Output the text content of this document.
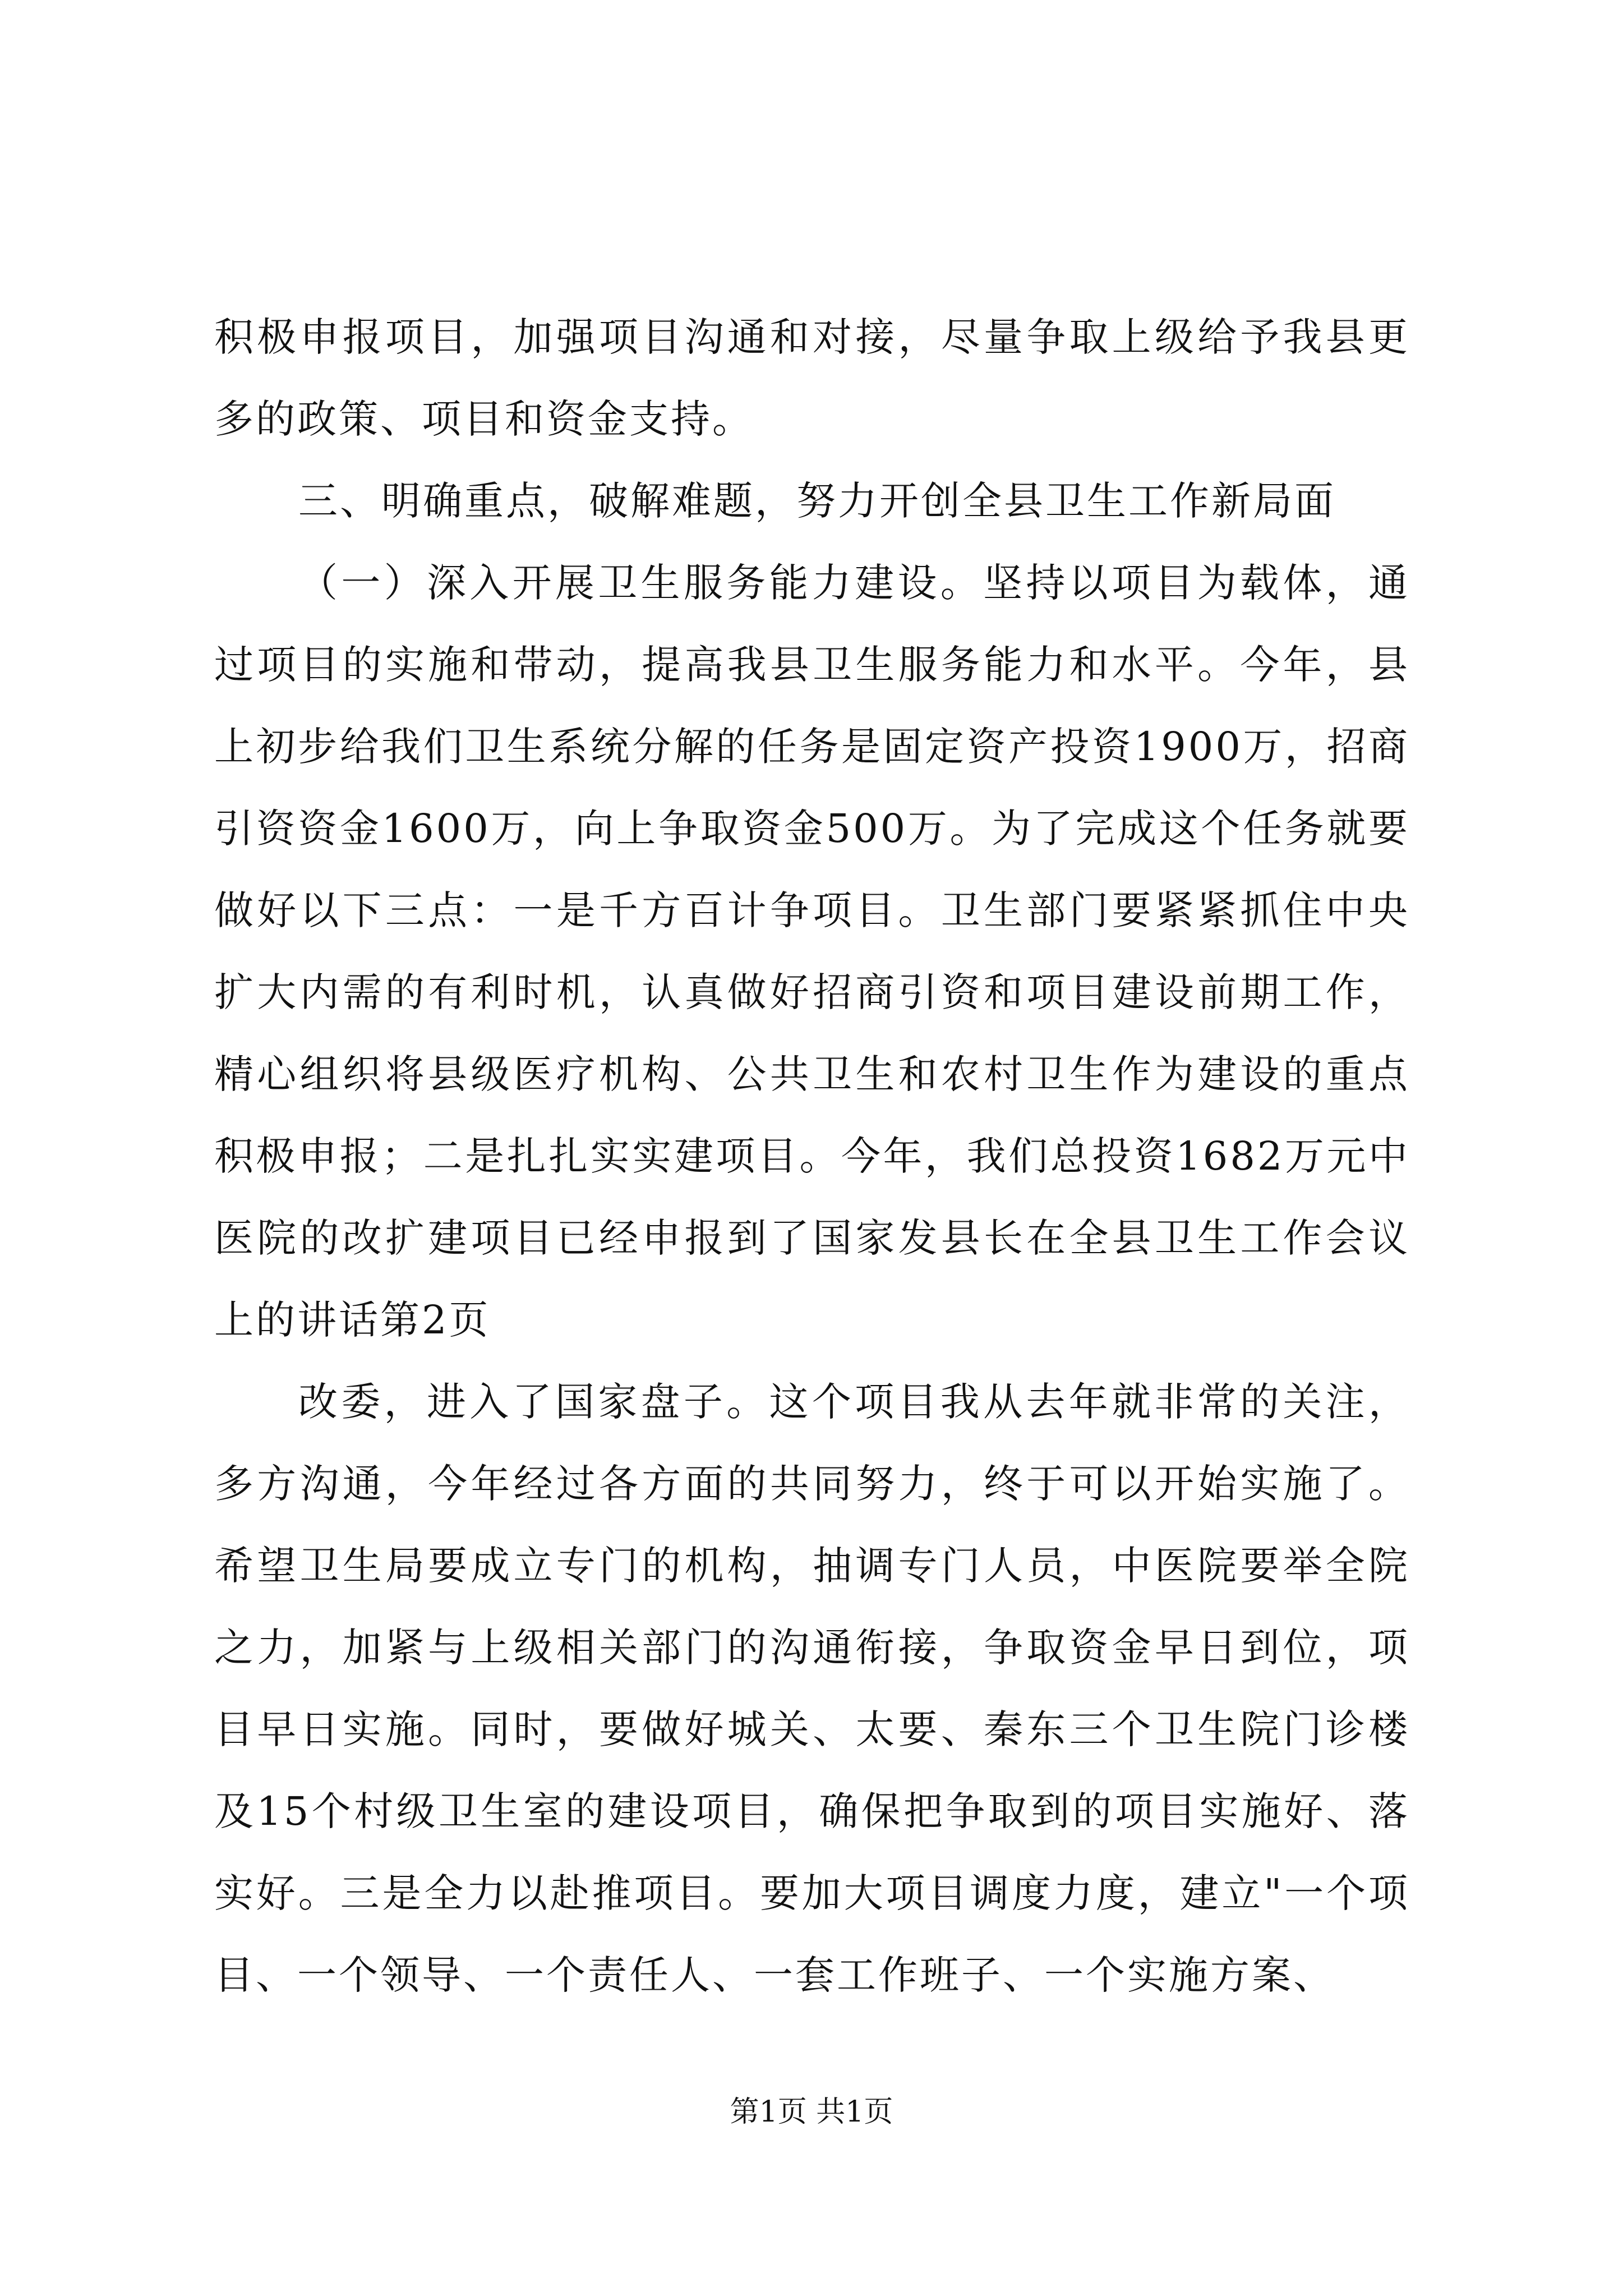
积极申报项目，加强项目沟通和对接，尽量争取上级给予我县更多的政策、项目和资金支持。

三、明确重点，破解难题，努力开创全县卫生工作新局面

（一）深入开展卫生服务能力建设。坚持以项目为载体，通过项目的实施和带动，提高我县卫生服务能力和水平。今年，县上初步给我们卫生系统分解的任务是固定资产投资1900万，招商引资资金1600万，向上争取资金500万。为了完成这个任务就要做好以下三点：一是千方百计争项目。卫生部门要紧紧抓住中央扩大内需的有利时机，认真做好招商引资和项目建设前期工作，精心组织将县级医疗机构、公共卫生和农村卫生作为建设的重点积极申报；二是扎扎实实建项目。今年，我们总投资1682万元中医院的改扩建项目已经申报到了国家发县长在全县卫生工作会议上的讲话第2页

改委，进入了国家盘子。这个项目我从去年就非常的关注，多方沟通，今年经过各方面的共同努力，终于可以开始实施了。希望卫生局要成立专门的机构，抽调专门人员，中医院要举全院之力，加紧与上级相关部门的沟通衔接，争取资金早日到位，项目早日实施。同时，要做好城关、太要、秦东三个卫生院门诊楼及15个村级卫生室的建设项目，确保把争取到的项目实施好、落实好。三是全力以赴推项目。要加大项目调度力度，建立"一个项目、一个领导、一个责任人、一套工作班子、一个实施方案、

第1页 共1页
